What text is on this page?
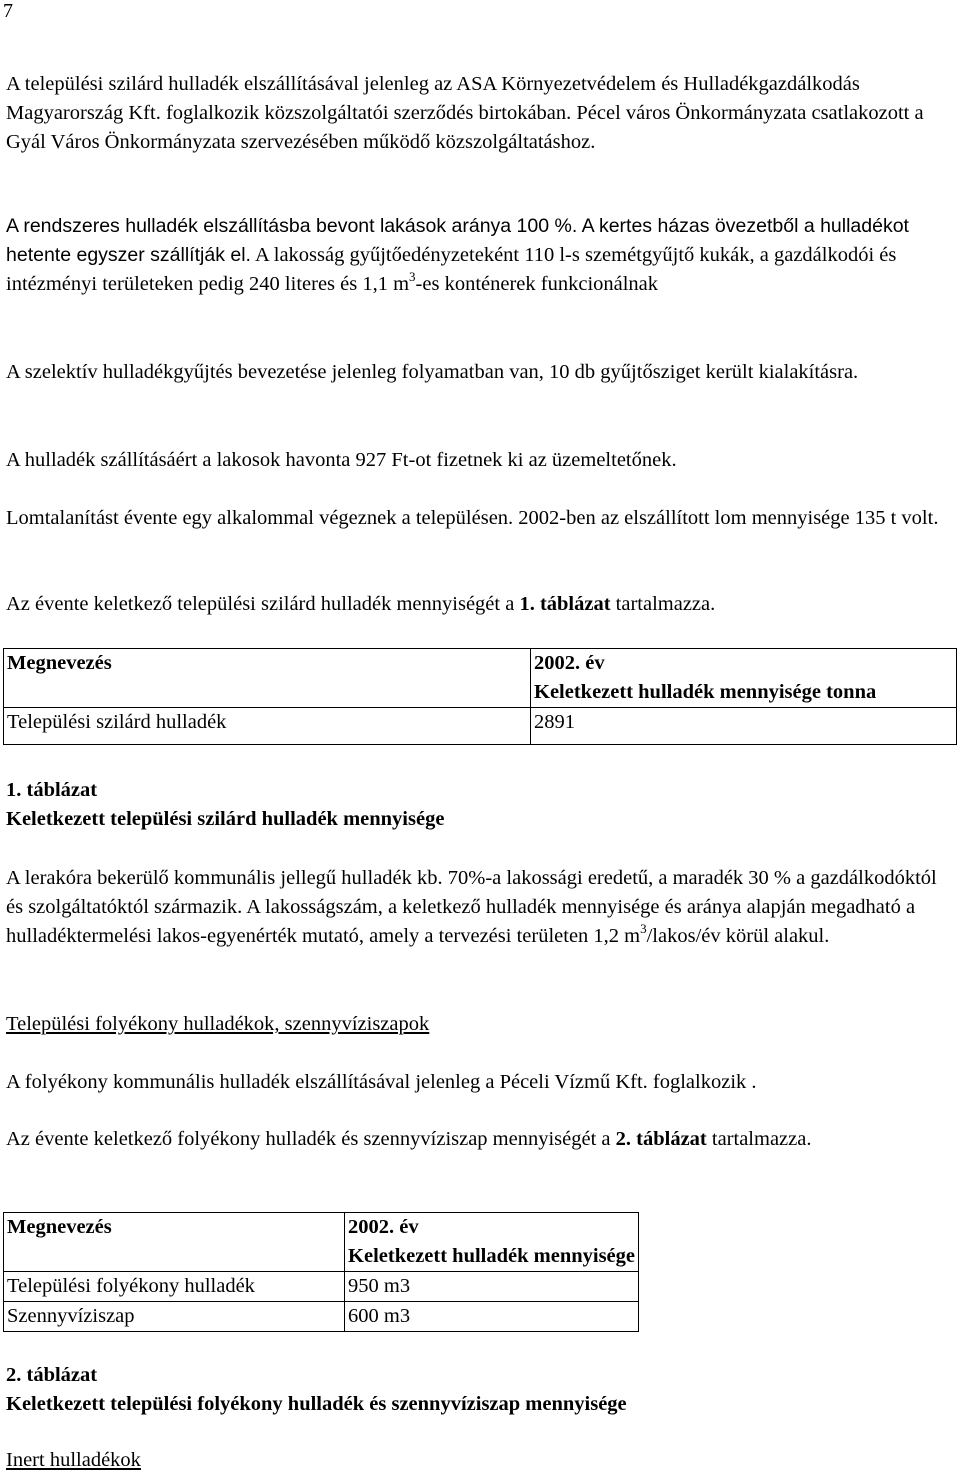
7

A települési szilárd hulladék elszállításával jelenleg az ASA Környezetvédelem és Hulladékgazdálkodás Magyarország Kft. foglalkozik közszolgáltatói szerződés birtokában. Pécel város Önkormányzata csatlakozott a Gyál Város Önkormányzata szervezésében működő közszolgáltatáshoz.

A rendszeres hulladék elszállításba bevont lakások aránya 100 %. A kertes házas övezetből a hulladékot hetente egyszer szállítják el. A lakosság gyűjtőedényzeteként 110 l-s szemétgyűjtő kukák, a gazdálkodói és intézményi területeken pedig 240 literes és 1,1 $m^3-es$ konténerek funkcionálnak

A szelektív hulladékgyűjtés bevezetése jelenleg folyamatban van, 10 db gyűjtősziget került kialakításra.

A hulladék szállításáért a lakosok havonta 927 Ft-ot fizetnek ki az üzemeltetőnek.

Lomtalanítást évente egy alkalommal végeznek a településen. 2002-ben az elszállított lom mennyisége 135 t volt.

Az évente keletkező települési szilárd hulladék mennyiségét a 1. táblázat tartalmazza.

Megnevezés	2002. év
Keletkezett hulladék mennyisége tonna

Települési szilárd hulladék	2891
1. táblázat
Keletkezett települési szilárd hulladék mennyisége

A lerakóra bekerülő kommunális jellegű hulladék kb. 70%-a lakossági eredetű, a maradék 30 % a gazdálkodóktól és szolgáltatóktól származik. A lakosságszám, a keletkező hulladék mennyisége és aránya alapján megadható a hulladéktermelési lakos-egyenérték mutató, amely a tervezési területen 1,2 $m^3/lakos/év$ körül alakul.

Települési folyékony hulladékok, szennyvíziszapok

A folyékony kommunális hulladék elszállításával jelenleg a Péceli Vízmű Kft. foglalkozik .

Az évente keletkező folyékony hulladék és szennyvíziszap mennyiségét a 2. táblázat tartalmazza.

Megnevezés	2002. év
Keletkezett hulladék mennyisége

Települési folyékony hulladék	950 m3
Szennyvíziszap	600 m3
2. táblázat
Keletkezett települési folyékony hulladék és szennyvíziszap mennyisége

Inert hulladékok
